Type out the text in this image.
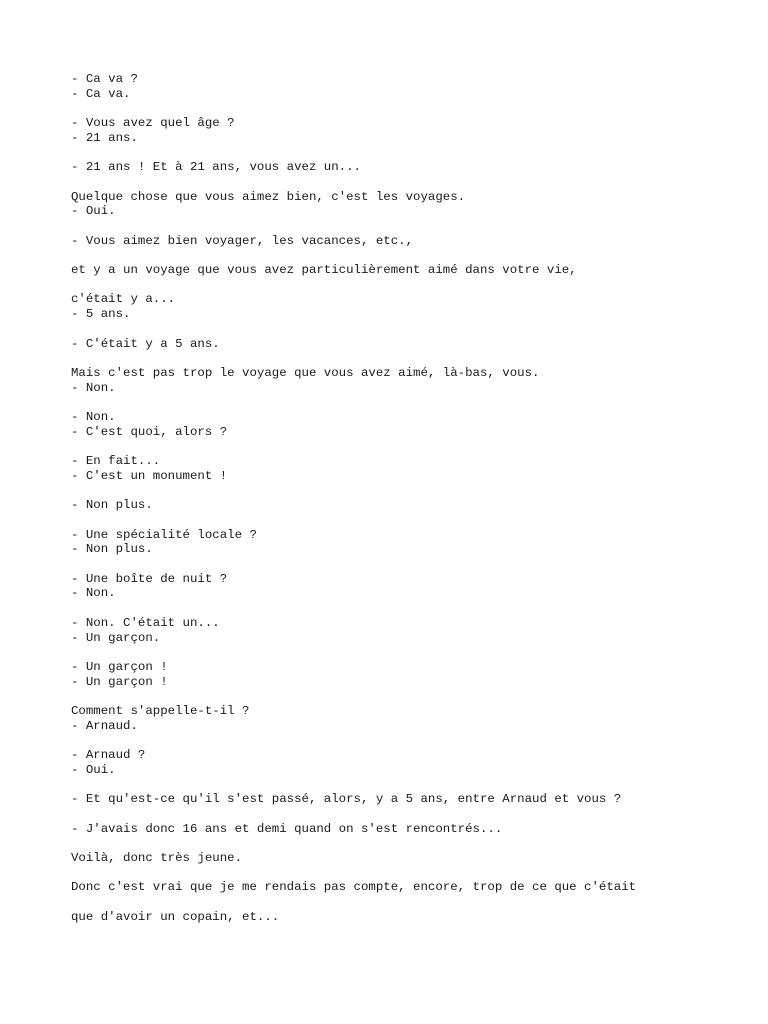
- Ca va ?
- Ca va.
- Vous avez quel âge ?
- 21 ans.
- 21 ans ! Et à 21 ans, vous avez un...
Quelque chose que vous aimez bien, c'est les voyages.
- Oui.
- Vous aimez bien voyager, les vacances, etc.,
et y a un voyage que vous avez particulièrement aimé dans votre vie,
c'était y a...
- 5 ans.
- C'était y a 5 ans.
Mais c'est pas trop le voyage que vous avez aimé, là-bas, vous.
- Non.
- Non.
- C'est quoi, alors ?
- En fait...
- C'est un monument !
- Non plus.
- Une spécialité locale ?
- Non plus.
- Une boîte de nuit ?
- Non.
- Non. C'était un...
- Un garçon.
- Un garçon !
- Un garçon !
Comment s'appelle-t-il ?
- Arnaud.
- Arnaud ?
- Oui.
- Et qu'est-ce qu'il s'est passé, alors, y a 5 ans, entre Arnaud et vous ?
- J'avais donc 16 ans et demi quand on s'est rencontrés...
Voilà, donc très jeune.
Donc c'est vrai que je me rendais pas compte, encore, trop de ce que c'était
que d'avoir un copain, et...
